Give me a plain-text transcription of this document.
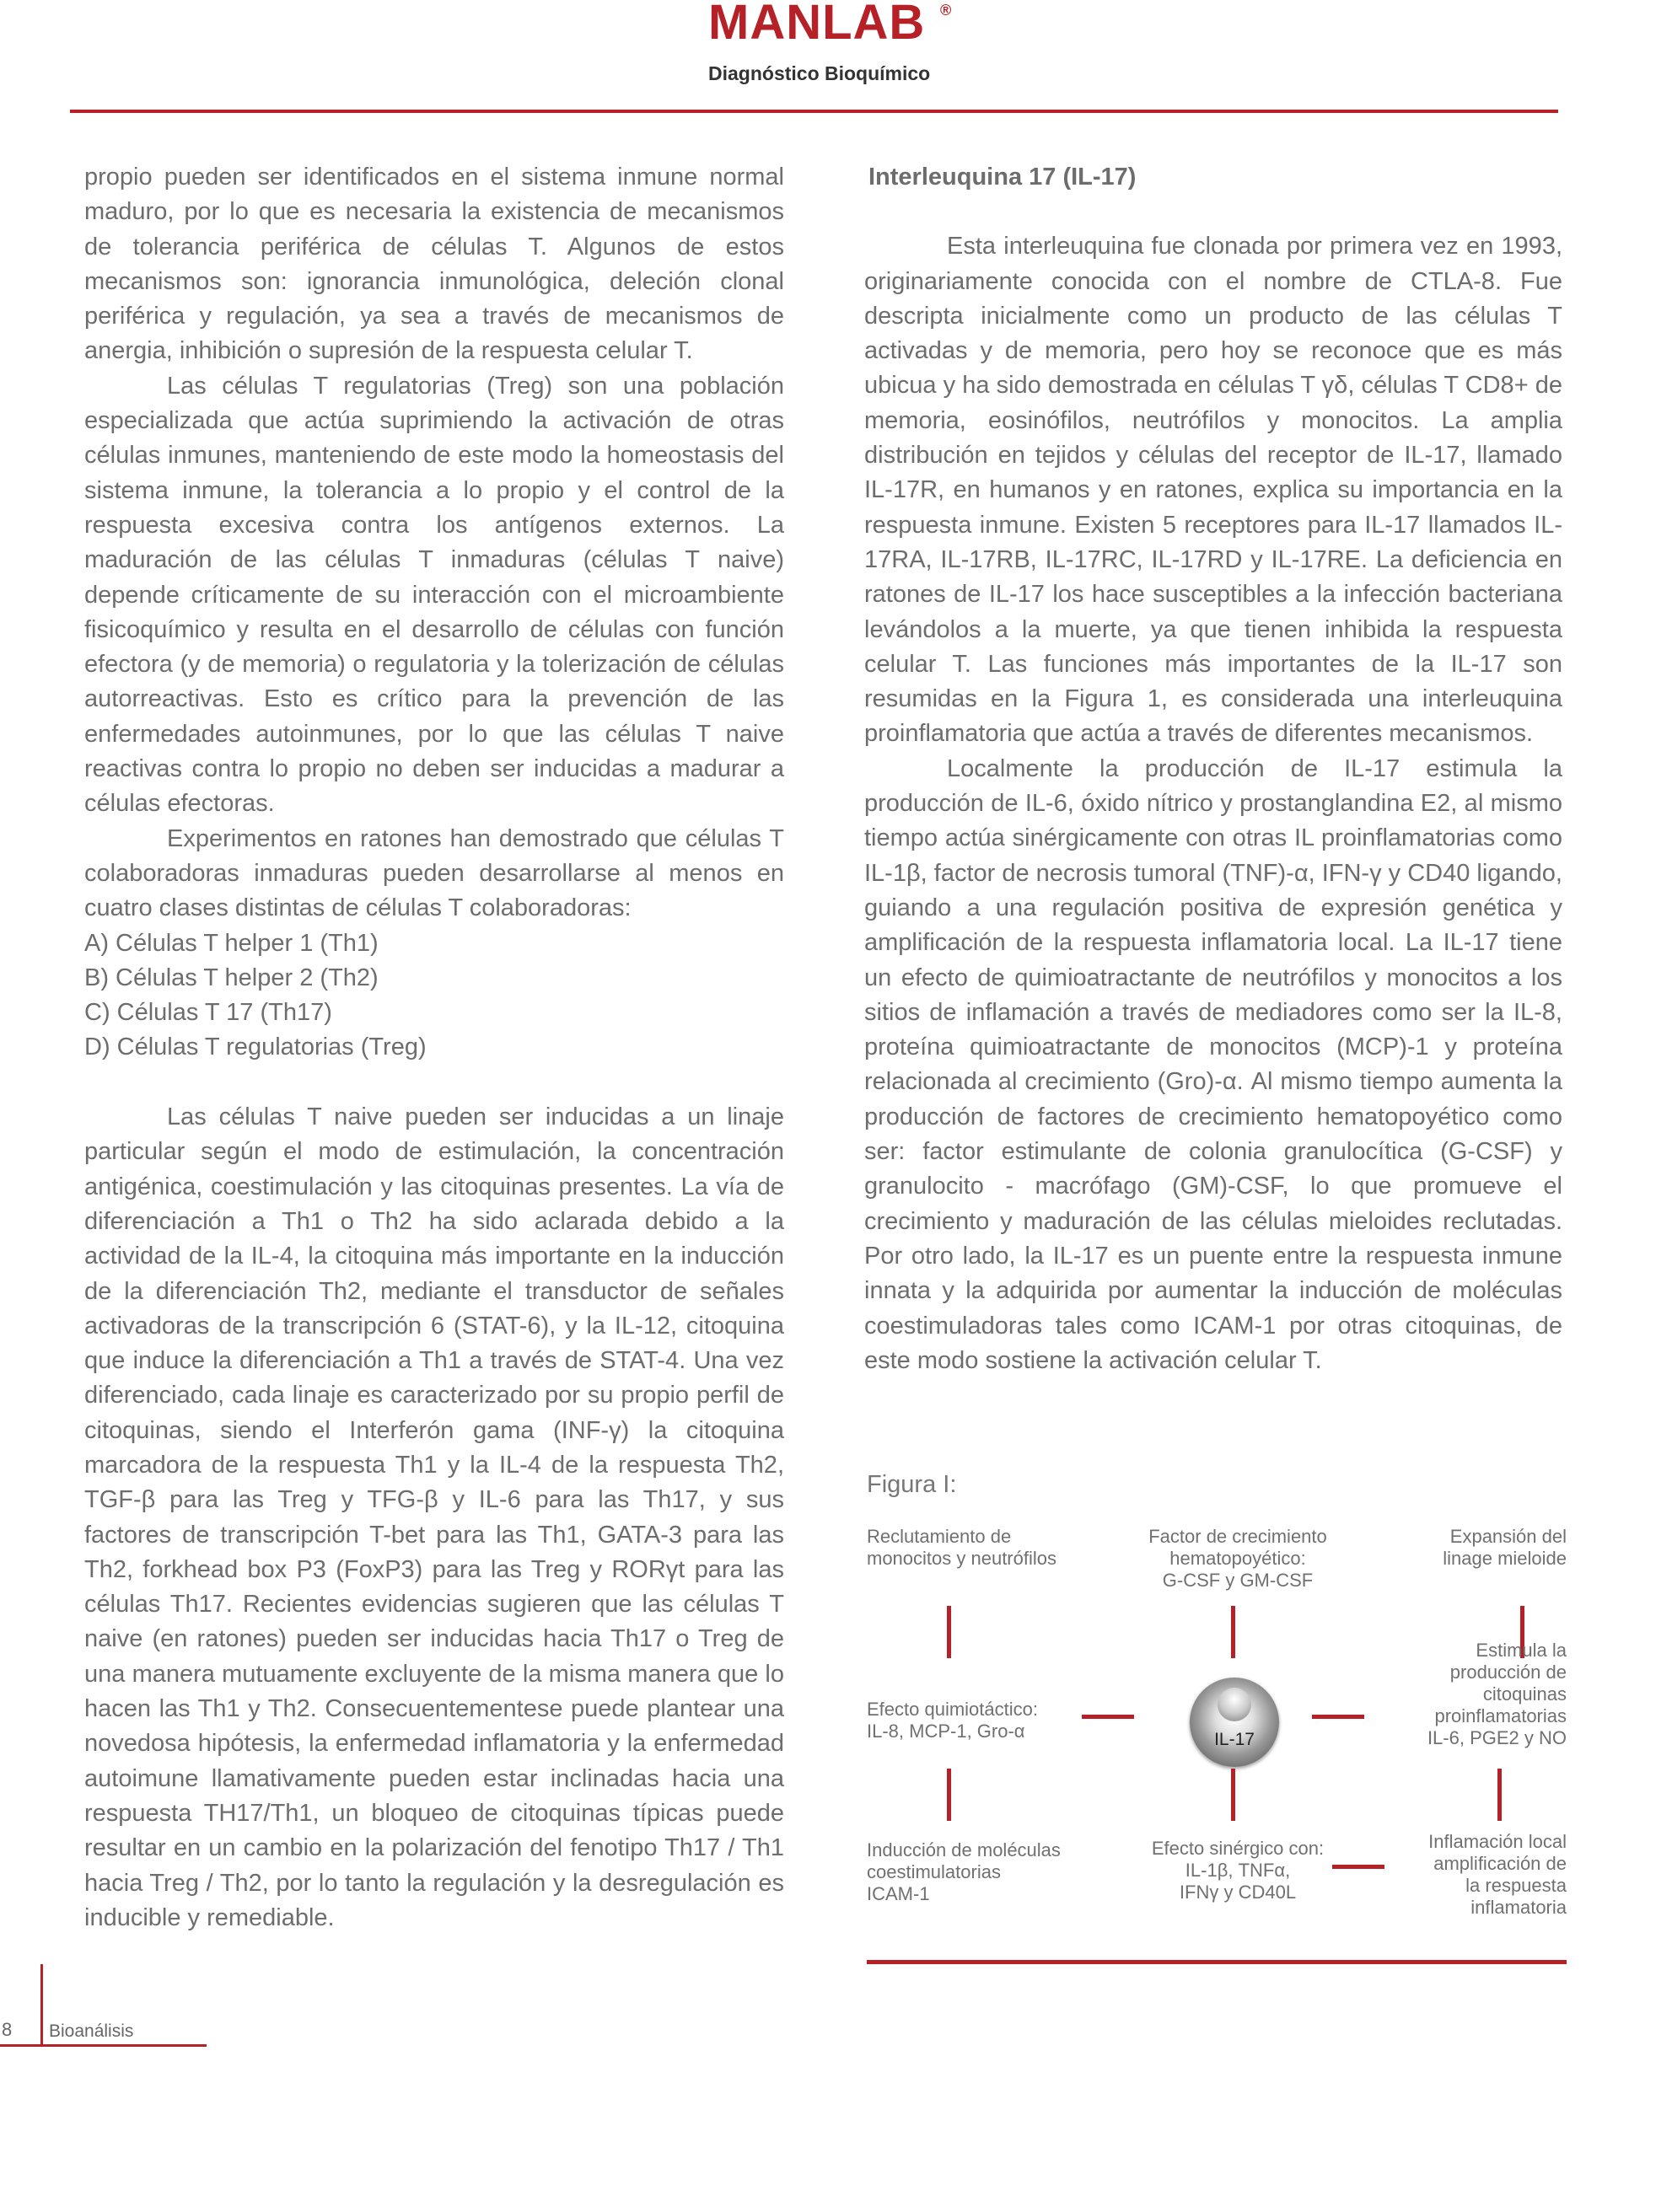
MANLAB ®
Diagnóstico Bioquímico

propio pueden ser identificados en el sistema inmune normal maduro, por lo que es necesaria la existencia de mecanismos de tolerancia periférica de células T. Algunos de estos mecanismos son: ignorancia inmunológica, deleción clonal periférica y regulación, ya sea a través de mecanismos de anergia, inhibición o supresión de la respuesta celular T.

Las células T regulatorias (Treg) son una población especializada que actúa suprimiendo la activación de otras células inmunes, manteniendo de este modo la homeostasis del sistema inmune, la tolerancia a lo propio y el control de la respuesta excesiva contra los antígenos externos. La maduración de las células T inmaduras (células T naive) depende críticamente de su interacción con el microambiente fisicoquímico y resulta en el desarrollo de células con función efectora (y de memoria) o regulatoria y la tolerización de células autorreactivas. Esto es crítico para la prevención de las enfermedades autoinmunes, por lo que las células T naive reactivas contra lo propio no deben ser inducidas a madurar a células efectoras.

Experimentos en ratones han demostrado que células T colaboradoras inmaduras pueden desarrollarse al menos en cuatro clases distintas de células T colaboradoras:

A) Células T helper 1 (Th1)

B) Células T helper 2 (Th2)

C) Células T 17 (Th17)

D) Células T regulatorias (Treg)

Las células T naive pueden ser inducidas a un linaje particular según el modo de estimulación, la concentración antigénica, coestimulación y las citoquinas presentes. La vía de diferenciación a Th1 o Th2 ha sido aclarada debido a la actividad de la IL-4, la citoquina más importante en la inducción de la diferenciación Th2, mediante el transductor de señales activadoras de la transcripción 6 (STAT-6), y la IL-12, citoquina que induce la diferenciación a Th1 a través de STAT-4. Una vez diferenciado, cada linaje es caracterizado por su propio perfil de citoquinas, siendo el Interferón gama (INF-γ) la citoquina marcadora de la respuesta Th1 y la IL-4 de la respuesta Th2, TGF-β para las Treg y TFG-β y IL-6 para las Th17, y sus factores de transcripción T-bet para las Th1, GATA-3 para las Th2, forkhead box P3 (FoxP3) para las Treg y RORγt para las células Th17. Recientes evidencias sugieren que las células T naive (en ratones) pueden ser inducidas hacia Th17 o Treg de una manera mutuamente excluyente de la misma manera que lo hacen las Th1 y Th2. Consecuentementese puede plantear una novedosa hipótesis, la enfermedad inflamatoria y la enfermedad autoimune llamativamente pueden estar inclinadas hacia una respuesta TH17/Th1, un bloqueo de citoquinas típicas puede resultar en un cambio en la polarización del fenotipo Th17 / Th1 hacia Treg / Th2, por lo tanto la regulación y la desregulación es inducible y remediable.

Interleuquina 17 (IL-17)

Esta interleuquina fue clonada por primera vez en 1993, originariamente conocida con el nombre de CTLA-8. Fue descripta inicialmente como un producto de las células T activadas y de memoria, pero hoy se reconoce que es más ubicua y ha sido demostrada en células T γδ, células T CD8+ de memoria, eosinófilos, neutrófilos y monocitos. La amplia distribución en tejidos y células del receptor de IL-17, llamado IL-17R, en humanos y en ratones, explica su importancia en la respuesta inmune. Existen 5 receptores para IL-17 llamados IL-17RA, IL-17RB, IL-17RC, IL-17RD y IL-17RE. La deficiencia en ratones de IL-17 los hace susceptibles a la infección bacteriana levándolos a la muerte, ya que tienen inhibida la respuesta celular T. Las funciones más importantes de la IL-17 son resumidas en la Figura 1, es considerada una interleuquina proinflamatoria que actúa a través de diferentes mecanismos.

Localmente la producción de IL-17 estimula la producción de IL-6, óxido nítrico y prostanglandina E2, al mismo tiempo actúa sinérgicamente con otras IL proinflamatorias como IL-1β, factor de necrosis tumoral (TNF)-α, IFN-γ y CD40 ligando, guiando a una regulación positiva de expresión genética y amplificación de la respuesta inflamatoria local. La IL-17 tiene un efecto de quimioatractante de neutrófilos y monocitos a los sitios de inflamación a través de mediadores como ser la IL-8, proteína quimioatractante de monocitos (MCP)-1 y proteína relacionada al crecimiento (Gro)-α. Al mismo tiempo aumenta la producción de factores de crecimiento hematopoyético como ser: factor estimulante de colonia granulocítica (G-CSF) y granulocito - macrófago (GM)-CSF, lo que promueve el crecimiento y maduración de las células mieloides reclutadas. Por otro lado, la IL-17 es un puente entre la respuesta inmune innata y la adquirida por aumentar la inducción de moléculas coestimuladoras tales como ICAM-1 por otras citoquinas, de este modo sostiene la activación celular T.

Figura I:
Reclutamiento de
monocitos y neutrófilos
Factor de crecimiento
hematopoyético:
G-CSF y GM-CSF
Expansión del
linage mieloide
Efecto quimiotáctico:
IL-8, MCP-1, Gro-α	IL-17
Estimula la
producción de
citoquinas
proinflamatorias
IL-6, PGE2 y NO
Inducción de moléculas
coestimulatorias
ICAM-1
Efecto sinérgico con:
IL-1β, TNFα,
IFNγ y CD40L
Inflamación local
amplificación de
la respuesta
inflamatoria
8 Bioanálisis
